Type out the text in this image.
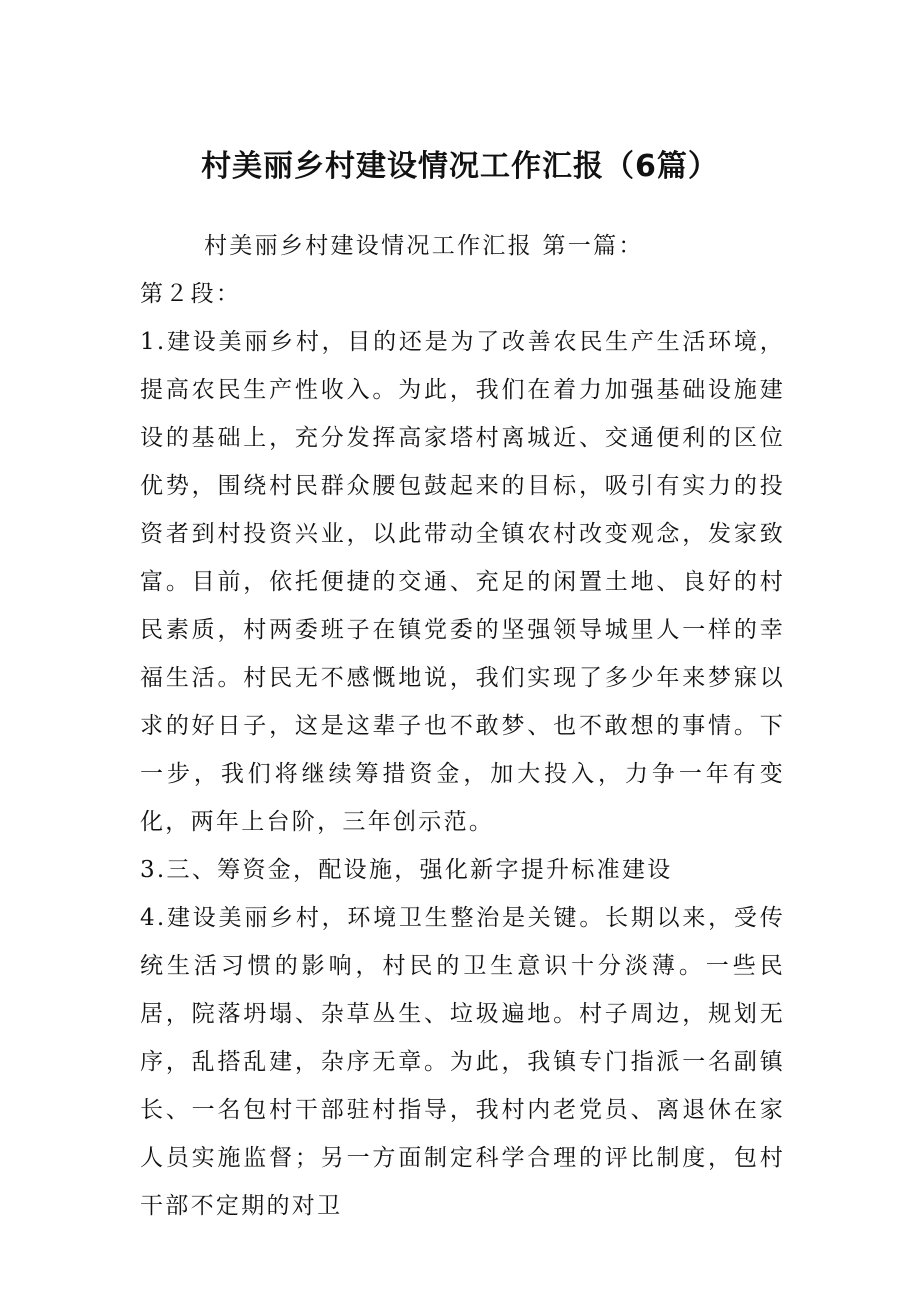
村美丽乡村建设情况工作汇报（6篇）

村美丽乡村建设情况工作汇报 第一篇：

第２段：

1.建设美丽乡村，目的还是为了改善农民生产生活环境，提高农民生产性收入。为此，我们在着力加强基础设施建设的基础上，充分发挥高家塔村离城近、交通便利的区位优势，围绕村民群众腰包鼓起来的目标，吸引有实力的投资者到村投资兴业，以此带动全镇农村改变观念，发家致富。目前，依托便捷的交通、充足的闲置土地、良好的村民素质，村两委班子在镇党委的坚强领导城里人一样的幸福生活。村民无不感慨地说，我们实现了多少年来梦寐以求的好日子，这是这辈子也不敢梦、也不敢想的事情。下一步，我们将继续筹措资金，加大投入，力争一年有变化，两年上台阶，三年创示范。

3.三、筹资金，配设施，强化新字提升标准建设

4.建设美丽乡村，环境卫生整治是关键。长期以来，受传统生活习惯的影响，村民的卫生意识十分淡薄。一些民居，院落坍塌、杂草丛生、垃圾遍地。村子周边，规划无序，乱搭乱建，杂序无章。为此，我镇专门指派一名副镇长、一名包村干部驻村指导，我村内老党员、离退休在家人员实施监督；另一方面制定科学合理的评比制度，包村干部不定期的对卫
